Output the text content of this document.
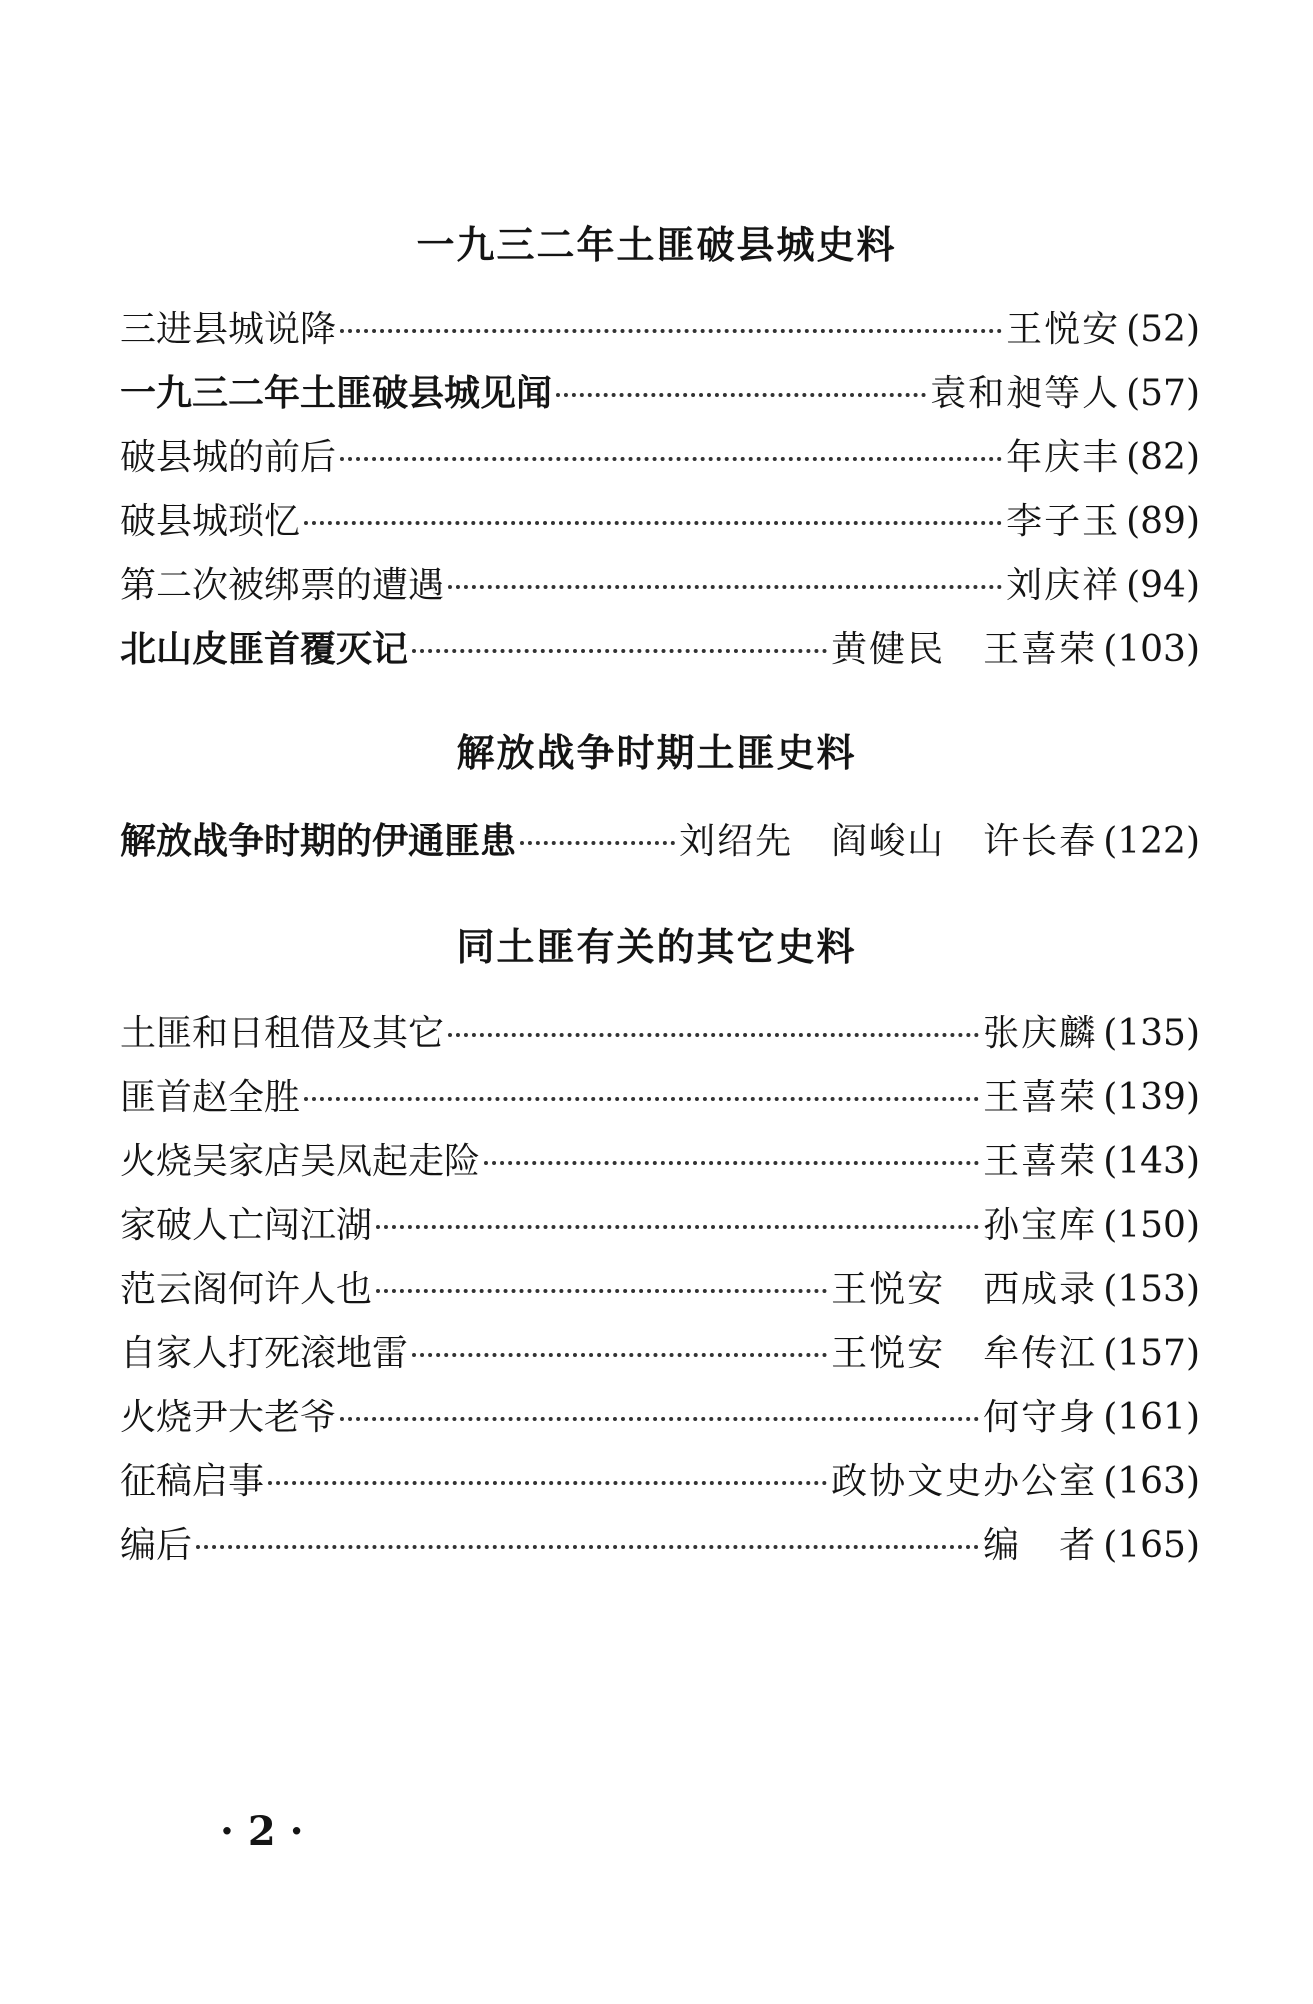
一九三二年土匪破县城史料
三进县城说降	王悦安 (52)
一九三二年土匪破县城见闻	袁和昶等人 (57)
破县城的前后	年庆丰 (82)
破县城琐忆	李子玉 (89)
第二次被绑票的遭遇	刘庆祥 (94)
北山皮匪首覆灭记	黄健民　王喜荣 (103)
解放战争时期土匪史料
解放战争时期的伊通匪患	刘绍先　阎峻山　许长春 (122)
同土匪有关的其它史料
土匪和日租借及其它	张庆麟 (135)
匪首赵全胜	王喜荣 (139)
火烧吴家店吴凤起走险	王喜荣 (143)
家破人亡闯江湖	孙宝库 (150)
范云阁何许人也	王悦安　西成录 (153)
自家人打死滚地雷	王悦安　牟传江 (157)
火烧尹大老爷	何守身 (161)
征稿启事	政协文史办公室 (163)
编后	编　者 (165)
· 2 ·
